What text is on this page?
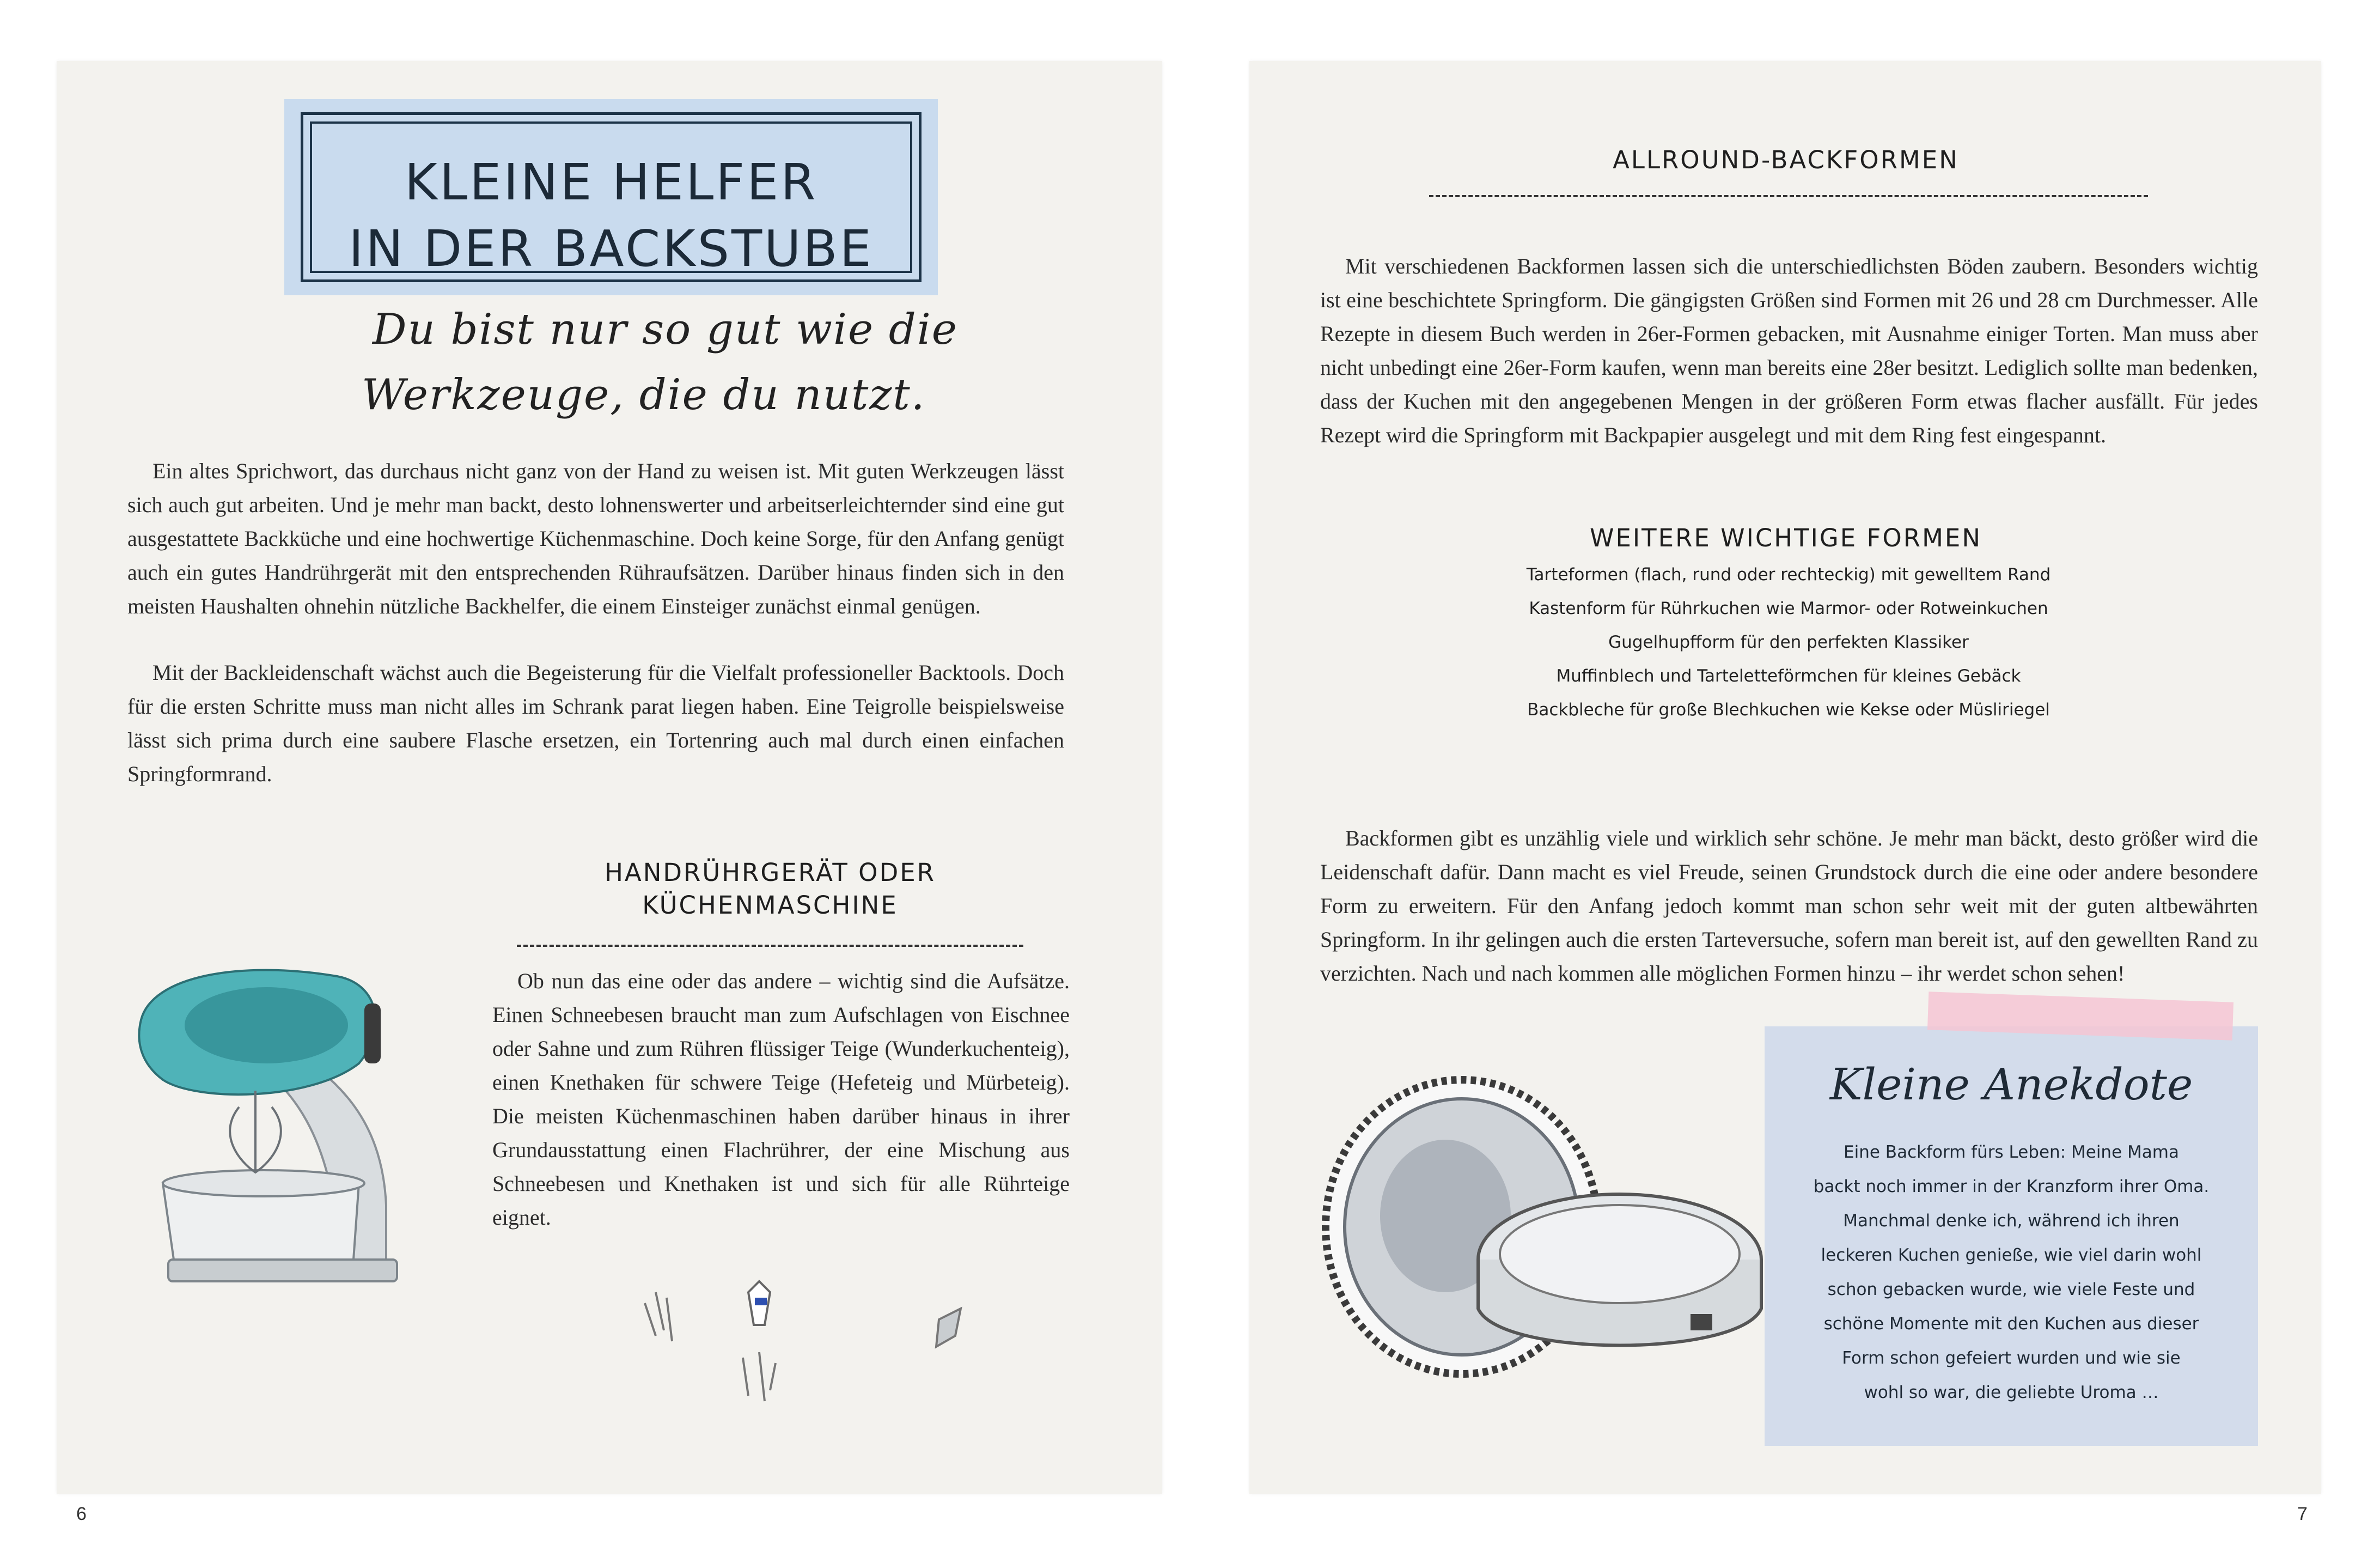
KLEINE HELFER
IN DER BACKSTUBE
Du bist nur so gut wie die
Werkzeuge, die du nutzt.

Ein altes Sprichwort, das durchaus nicht ganz von der Hand zu weisen ist. Mit guten Werkzeugen lässt sich auch gut arbeiten. Und je mehr man backt, desto lohnenswerter und arbeitserleichternder sind eine gut ausgestattete Backküche und eine hochwertige Küchenmaschine. Doch keine Sorge, für den Anfang genügt auch ein gutes Handrührgerät mit den entsprechenden Rühraufsätzen. Darüber hinaus finden sich in den meisten Haushalten ohnehin nützliche Backhelfer, die einem Einsteiger zunächst einmal genügen.

Mit der Backleidenschaft wächst auch die Begeisterung für die Vielfalt professioneller Backtools. Doch für die ersten Schritte muss man nicht alles im Schrank parat liegen haben. Eine Teigrolle beispielsweise lässt sich prima durch eine saubere Flasche ersetzen, ein Tortenring auch mal durch einen einfachen Springformrand.

HANDRÜHRGERÄT ODER
KÜCHENMASCHINE

Ob nun das eine oder das andere – wichtig sind die Aufsätze. Einen Schneebesen braucht man zum Aufschlagen von Eischnee oder Sahne und zum Rühren flüssiger Teige (Wunderkuchenteig), einen Knethaken für schwere Teige (Hefeteig und Mürbeteig). Die meisten Küchenmaschinen haben darüber hinaus in ihrer Grundausstattung einen Flachrührer, der eine Mischung aus Schneebesen und Knethaken ist und sich für alle Rührteige eignet.

6
ALLROUND-BACKFORMEN

Mit verschiedenen Backformen lassen sich die unterschiedlichsten Böden zaubern. Besonders wichtig ist eine beschichtete Springform. Die gängigsten Größen sind Formen mit 26 und 28 cm Durchmesser. Alle Rezepte in diesem Buch werden in 26er-Formen gebacken, mit Ausnahme einiger Torten. Man muss aber nicht unbedingt eine 26er-Form kaufen, wenn man bereits eine 28er besitzt. Lediglich sollte man bedenken, dass der Kuchen mit den angegebenen Mengen in der größeren Form etwas flacher ausfällt. Für jedes Rezept wird die Springform mit Backpapier ausgelegt und mit dem Ring fest eingespannt.

WEITERE WICHTIGE FORMEN
Tarteformen (flach, rund oder rechteckig) mit gewelltem Rand
Kastenform für Rührkuchen wie Marmor- oder Rotweinkuchen
Gugelhupfform für den perfekten Klassiker
Muffinblech und Tarteletteförmchen für kleines Gebäck
Backbleche für große Blechkuchen wie Kekse oder Müsliriegel

Backformen gibt es unzählig viele und wirklich sehr schöne. Je mehr man bäckt, desto größer wird die Leidenschaft dafür. Dann macht es viel Freude, seinen Grundstock durch die eine oder andere besondere Form zu erweitern. Für den Anfang jedoch kommt man schon sehr weit mit der guten altbewährten Springform. In ihr gelingen auch die ersten Tarteversuche, sofern man bereit ist, auf den gewellten Rand zu verzichten. Nach und nach kommen alle möglichen Formen hinzu – ihr werdet schon sehen!

Kleine Anekdote
Eine Backform fürs Leben: Meine Mama
backt noch immer in der Kranzform ihrer Oma.
Manchmal denke ich, während ich ihren
leckeren Kuchen genieße, wie viel darin wohl
schon gebacken wurde, wie viele Feste und
schöne Momente mit den Kuchen aus dieser
Form schon gefeiert wurden und wie sie
wohl so war, die geliebte Uroma …
7
